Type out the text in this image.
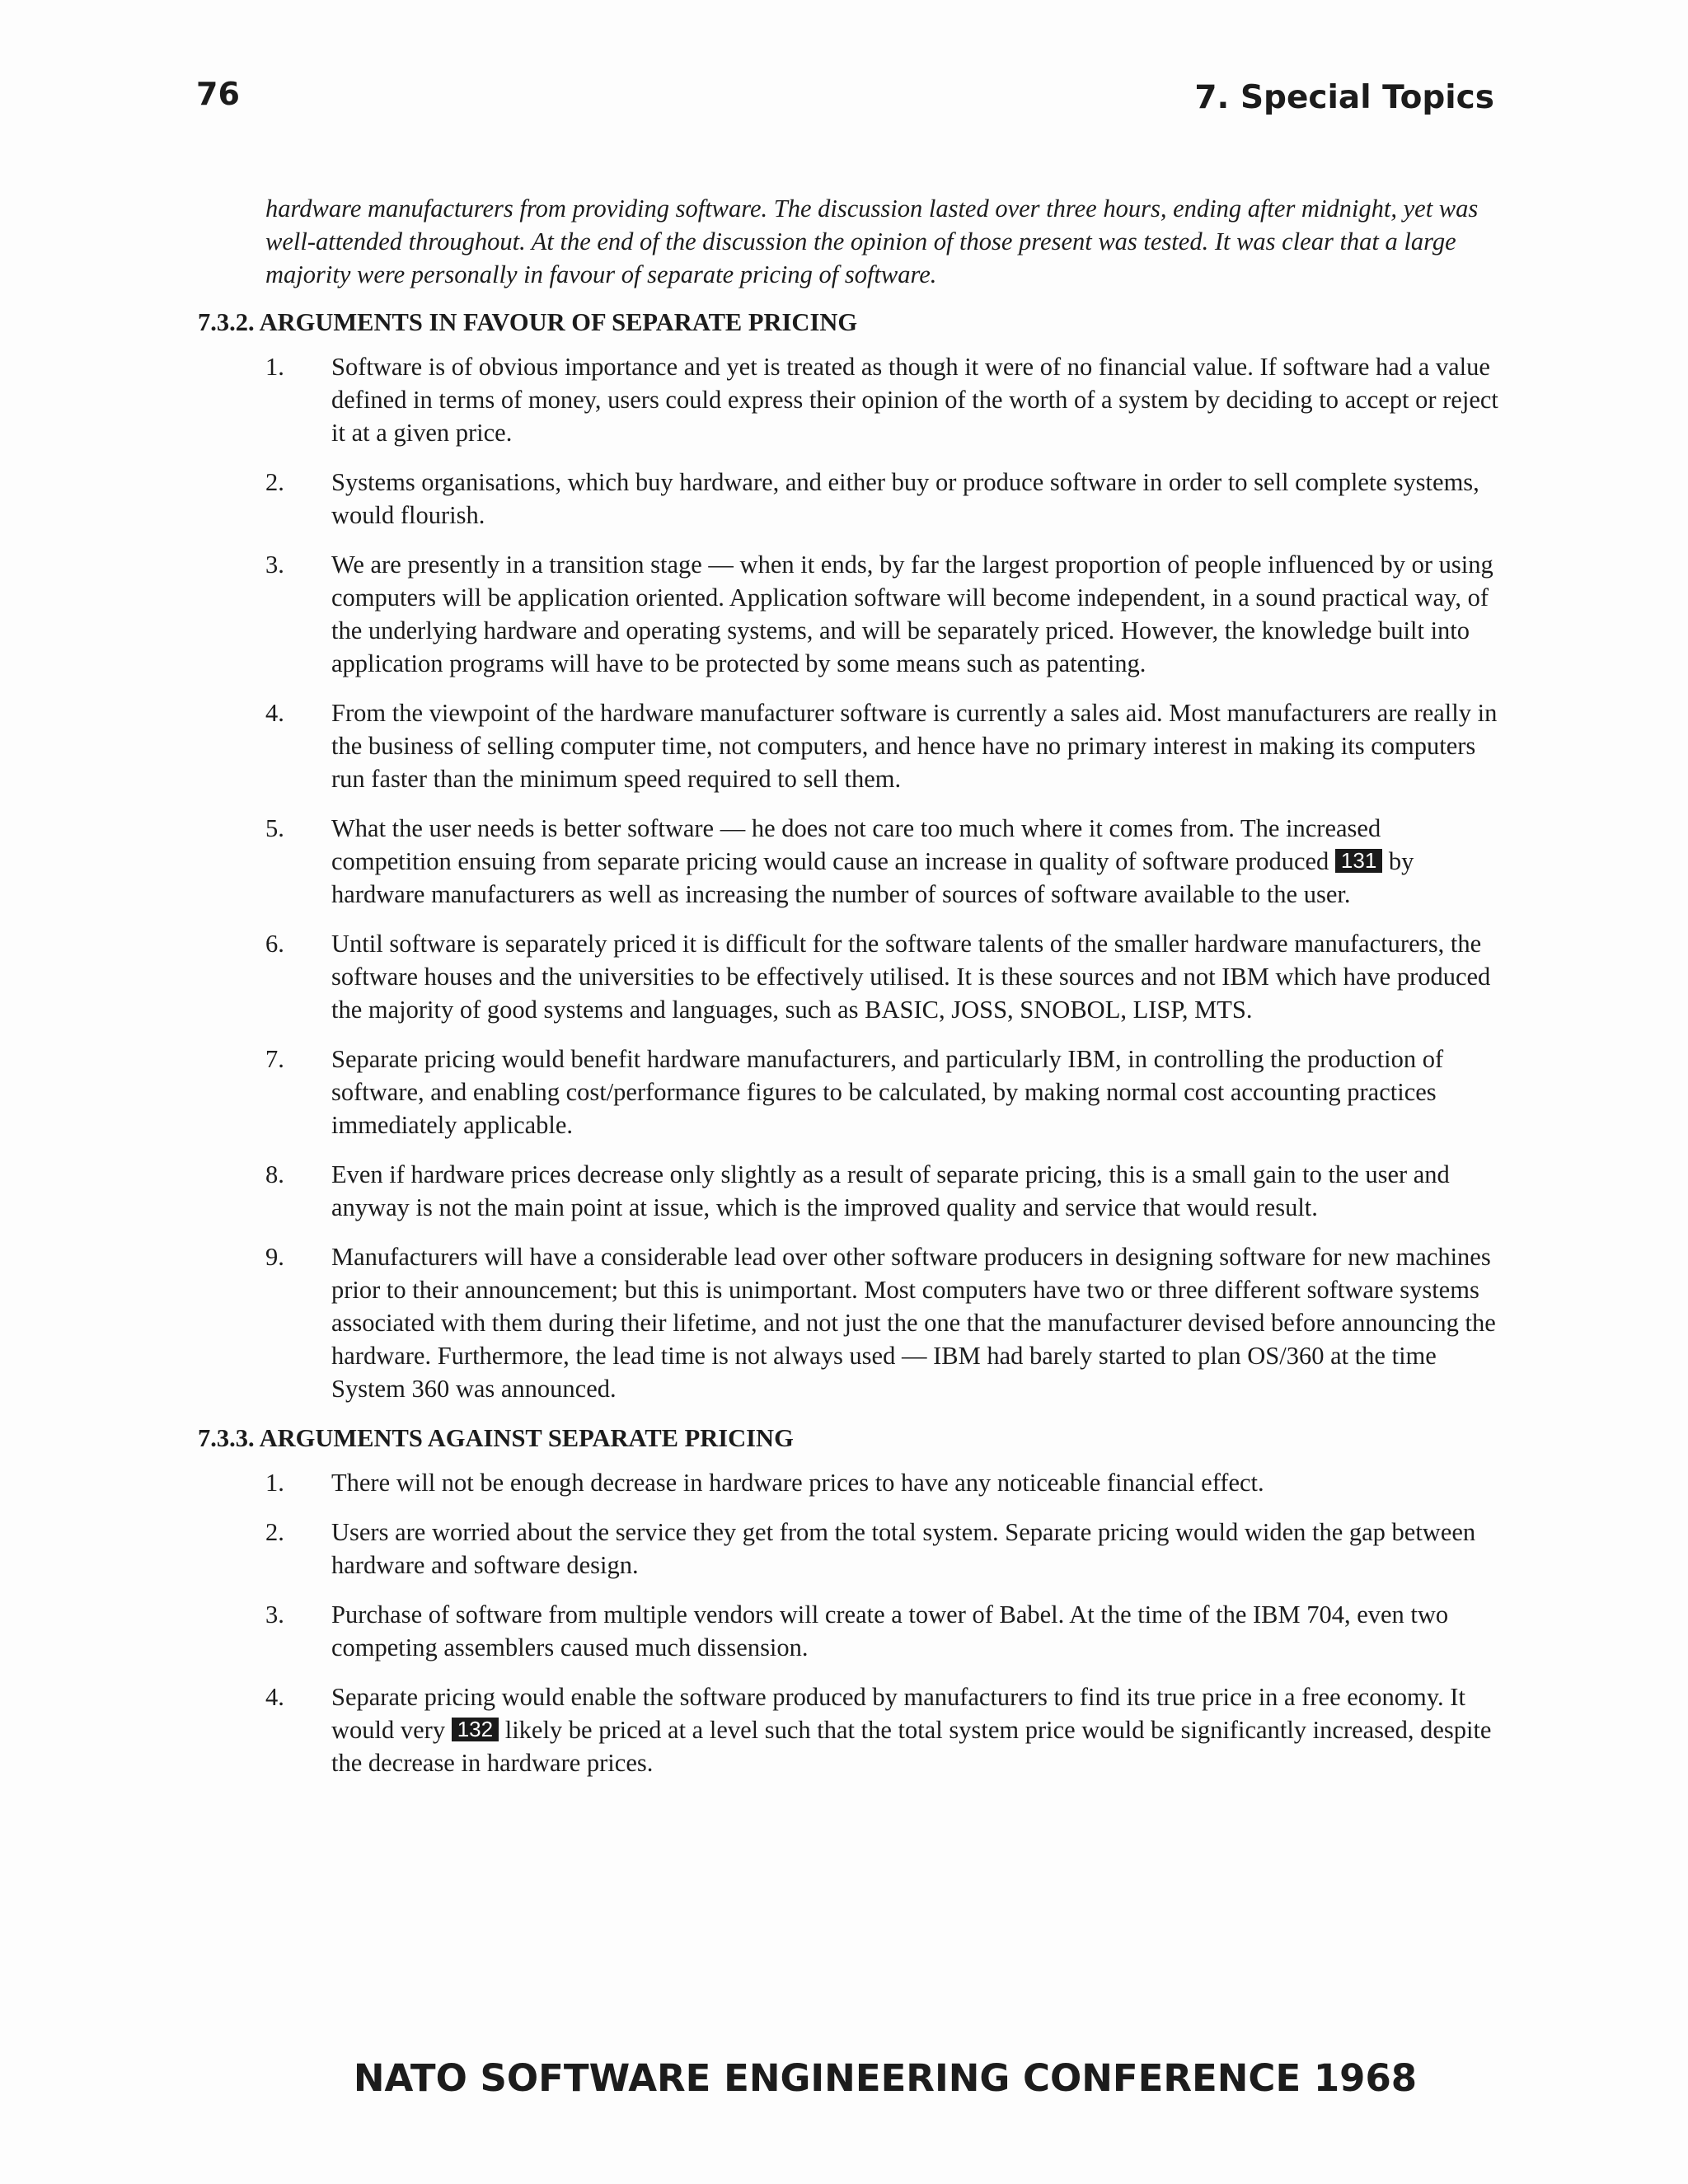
76	7. Special Topics

hardware manufacturers from providing software. The discussion lasted over three hours, ending after midnight, yet was well-attended throughout. At the end of the discussion the opinion of those present was tested. It was clear that a large majority were personally in favour of separate pricing of software.

7.3.2. ARGUMENTS IN FAVOUR OF SEPARATE PRICING
1. Software is of obvious importance and yet is treated as though it were of no financial value. If software had a value defined in terms of money, users could express their opinion of the worth of a system by deciding to accept or reject it at a given price.
2. Systems organisations, which buy hardware, and either buy or produce software in order to sell complete systems, would flourish.
3. We are presently in a transition stage — when it ends, by far the largest proportion of people influenced by or using computers will be application oriented. Application software will become independent, in a sound practical way, of the underlying hardware and operating systems, and will be separately priced. However, the knowledge built into application programs will have to be protected by some means such as patenting.
4. From the viewpoint of the hardware manufacturer software is currently a sales aid. Most manufacturers are really in the business of selling computer time, not computers, and hence have no primary interest in making its computers run faster than the minimum speed required to sell them.
5. What the user needs is better software — he does not care too much where it comes from. The increased competition ensuing from separate pricing would cause an increase in quality of software produced 131 by hardware manufacturers as well as increasing the number of sources of software available to the user.
6. Until software is separately priced it is difficult for the software talents of the smaller hardware manufacturers, the software houses and the universities to be effectively utilised. It is these sources and not IBM which have produced the majority of good systems and languages, such as BASIC, JOSS, SNOBOL, LISP, MTS.
7. Separate pricing would benefit hardware manufacturers, and particularly IBM, in controlling the production of software, and enabling cost/performance figures to be calculated, by making normal cost accounting practices immediately applicable.
8. Even if hardware prices decrease only slightly as a result of separate pricing, this is a small gain to the user and anyway is not the main point at issue, which is the improved quality and service that would result.
9. Manufacturers will have a considerable lead over other software producers in designing software for new machines prior to their announcement; but this is unimportant. Most computers have two or three different software systems associated with them during their lifetime, and not just the one that the manufacturer devised before announcing the hardware. Furthermore, the lead time is not always used — IBM had barely started to plan OS/360 at the time System 360 was announced.
7.3.3. ARGUMENTS AGAINST SEPARATE PRICING
1. There will not be enough decrease in hardware prices to have any noticeable financial effect.
2. Users are worried about the service they get from the total system. Separate pricing would widen the gap between hardware and software design.
3. Purchase of software from multiple vendors will create a tower of Babel. At the time of the IBM 704, even two competing assemblers caused much dissension.
4. Separate pricing would enable the software produced by manufacturers to find its true price in a free economy. It would very 132 likely be priced at a level such that the total system price would be significantly increased, despite the decrease in hardware prices.
NATO SOFTWARE ENGINEERING CONFERENCE 1968
